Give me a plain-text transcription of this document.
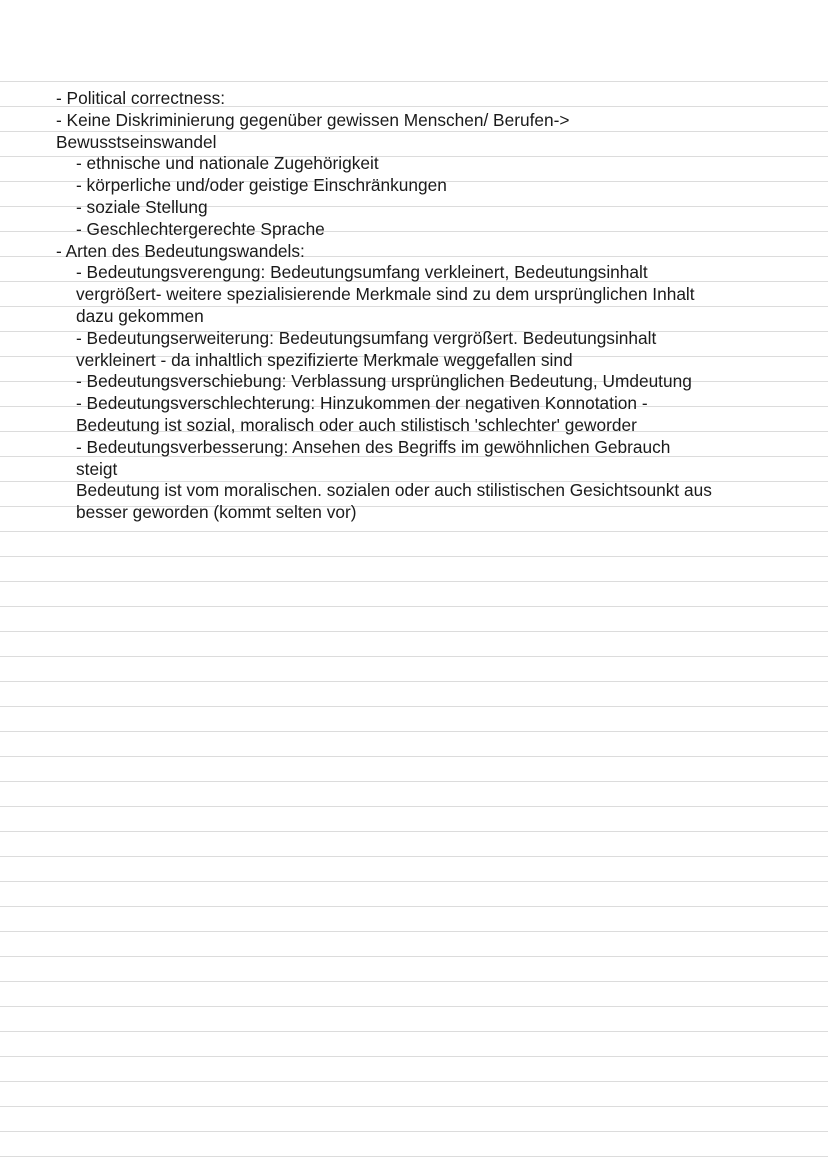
- Political correctness:
- Keine Diskriminierung gegenüber gewissen Menschen/ Berufen->
Bewusstseinswandel
- ethnische und nationale Zugehörigkeit
- körperliche und/oder geistige Einschränkungen
- soziale Stellung
- Geschlechtergerechte Sprache
- Arten des Bedeutungswandels:
- Bedeutungsverengung: Bedeutungsumfang verkleinert, Bedeutungsinhalt
vergrößert- weitere spezialisierende Merkmale sind zu dem ursprünglichen Inhalt
dazu gekommen
- Bedeutungserweiterung: Bedeutungsumfang vergrößert. Bedeutungsinhalt
verkleinert - da inhaltlich spezifizierte Merkmale weggefallen sind
- Bedeutungsverschiebung: Verblassung ursprünglichen Bedeutung, Umdeutung
- Bedeutungsverschlechterung: Hinzukommen der negativen Konnotation -
Bedeutung ist sozial, moralisch oder auch stilistisch 'schlechter' geworder
- Bedeutungsverbesserung: Ansehen des Begriffs im gewöhnlichen Gebrauch
steigt
Bedeutung ist vom moralischen. sozialen oder auch stilistischen Gesichtsounkt aus
besser geworden (kommt selten vor)
